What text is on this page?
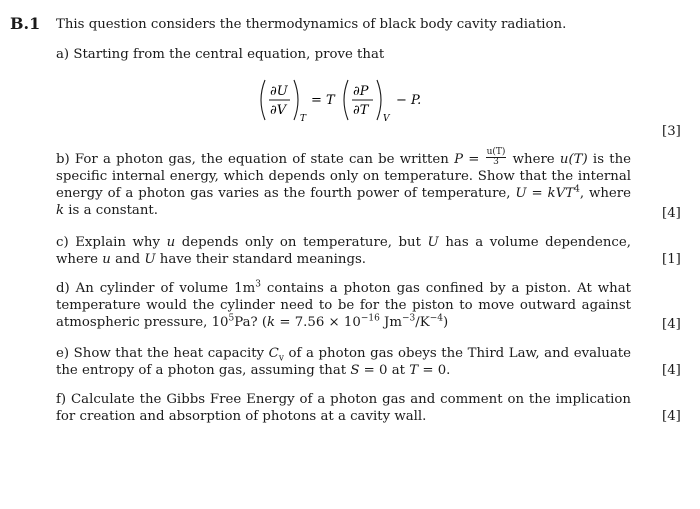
B.1 This question considers the thermodynamics of black body cavity radiation.
a) Starting from the central equation, prove that
∂U
∂V
T
= T
∂P
∂T
V
− P.
[3]
b) For a photon gas, the equation of state can be written $P = \frac{u(T)}{3}$ where u(T) is the specific internal energy, which depends only on temperature. Show that the internal energy of a photon gas varies as the fourth power of temperature, U = kVT$^4$, where k is a constant.	[4]
c) Explain why u depends only on temperature, but U has a volume dependence, where u and U have their standard meanings.	[1]
d) An cylinder of volume $1m^3$ contains a photon gas confined by a piston. At what temperature would the cylinder need to be for the piston to move outward against atmospheric pressure, $10^5Pa$? ($k = 7.56 \times 10^{-16}$ $Jm^{-3}/K^{-4}$)	[4]
e) Show that the heat capacity $C_v$ of a photon gas obeys the Third Law, and evaluate the entropy of a photon gas, assuming that S = 0 at T = 0.	[4]
f) Calculate the Gibbs Free Energy of a photon gas and comment on the implication for creation and absorption of photons at a cavity wall.	[4]
